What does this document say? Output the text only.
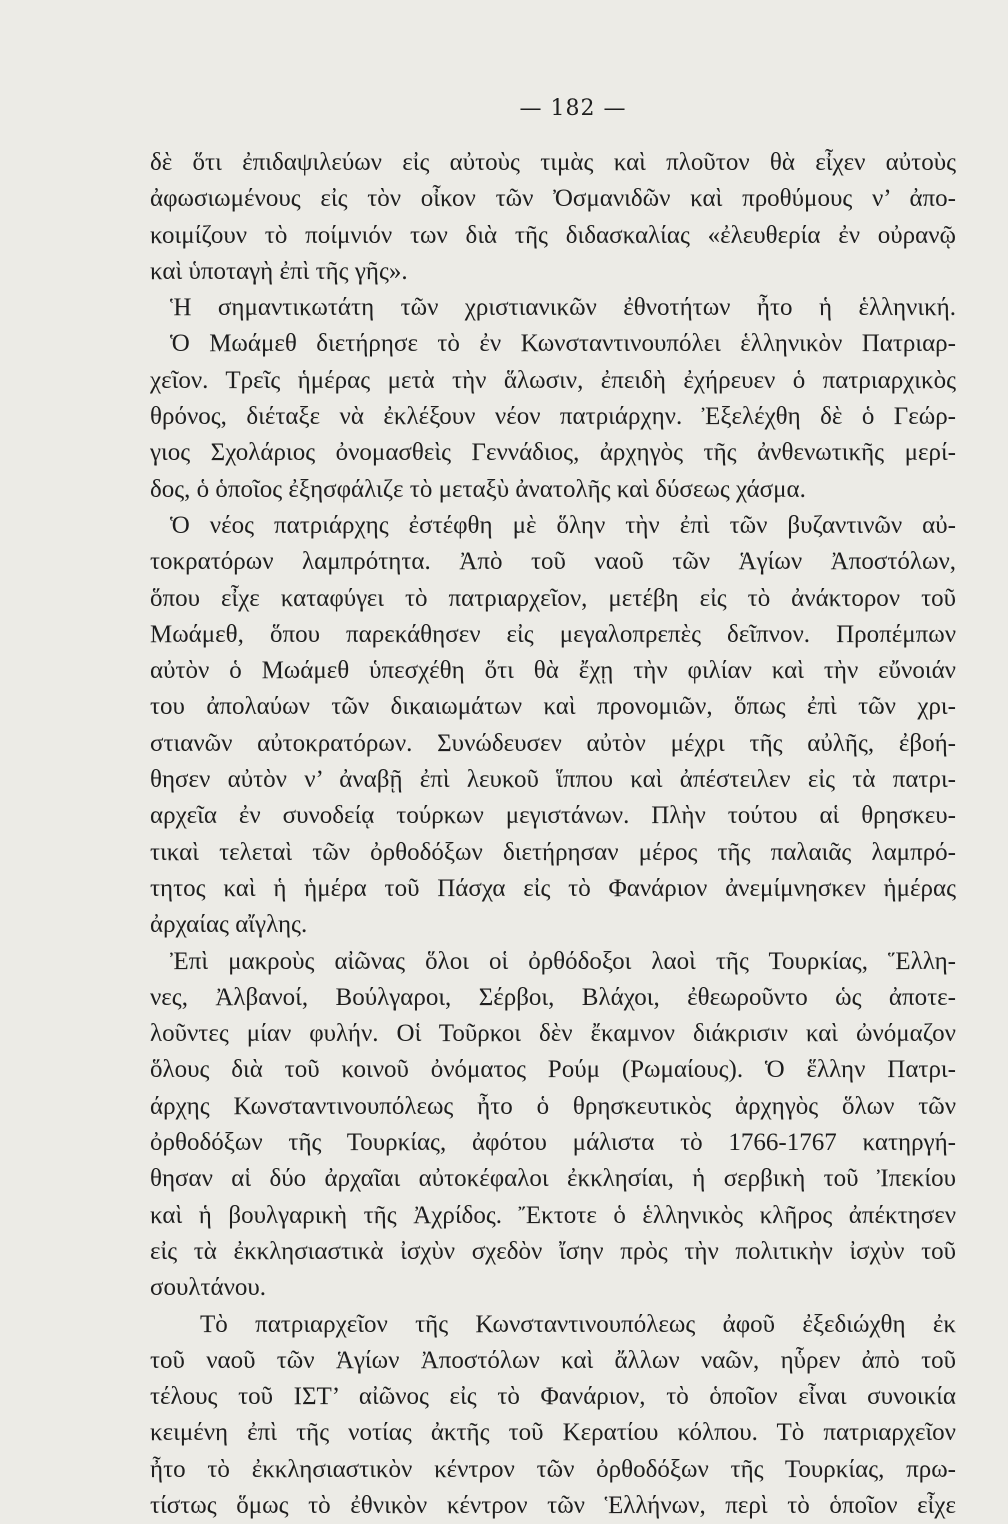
— 182 —
δὲ ὅτι ἐπιδαψιλεύων εἰς αὐτοὺς τιμὰς καὶ πλοῦτον θὰ εἶχεν αὐτοὺς
ἀφωσιωμένους εἰς τὸν οἶκον τῶν Ὀσμανιδῶν καὶ προθύμους ν’ ἀπο-
κοιμίζουν τὸ ποίμνιόν των διὰ τῆς διδασκαλίας «ἐλευθερία ἐν οὐρανῷ
καὶ ὑποταγὴ ἐπὶ τῆς γῆς».
Ἡ σημαντικωτάτη τῶν χριστιανικῶν ἐθνοτήτων ἦτο ἡ ἑλληνική.
Ὁ Μωάμεθ διετήρησε τὸ ἐν Κωνσταντινουπόλει ἑλληνικὸν Πατριαρ-
χεῖον. Τρεῖς ἡμέρας μετὰ τὴν ἅλωσιν, ἐπειδὴ ἐχήρευεν ὁ πατριαρχικὸς
θρόνος, διέταξε νὰ ἐκλέξουν νέον πατριάρχην. Ἐξελέχθη δὲ ὁ Γεώρ-
γιος Σχολάριος ὀνομασθεὶς Γεννάδιος, ἀρχηγὸς τῆς ἀνθενωτικῆς μερί-
δος, ὁ ὁποῖος ἐξησφάλιζε τὸ μεταξὺ ἀνατολῆς καὶ δύσεως χάσμα.
Ὁ νέος πατριάρχης ἐστέφθη μὲ ὅλην τὴν ἐπὶ τῶν βυζαντινῶν αὐ-
τοκρατόρων λαμπρότητα. Ἀπὸ τοῦ ναοῦ τῶν Ἁγίων Ἀποστόλων,
ὅπου εἶχε καταφύγει τὸ πατριαρχεῖον, μετέβη εἰς τὸ ἀνάκτορον τοῦ
Μωάμεθ, ὅπου παρεκάθησεν εἰς μεγαλοπρεπὲς δεῖπνον. Προπέμπων
αὐτὸν ὁ Μωάμεθ ὑπεσχέθη ὅτι θὰ ἔχῃ τὴν φιλίαν καὶ τὴν εὔνοιάν
του ἀπολαύων τῶν δικαιωμάτων καὶ προνομιῶν, ὅπως ἐπὶ τῶν χρι-
στιανῶν αὐτοκρατόρων. Συνώδευσεν αὐτὸν μέχρι τῆς αὐλῆς, ἐβοή-
θησεν αὐτὸν ν’ ἀναβῇ ἐπὶ λευκοῦ ἵππου καὶ ἀπέστειλεν εἰς τὰ πατρι-
αρχεῖα ἐν συνοδείᾳ τούρκων μεγιστάνων. Πλὴν τούτου αἱ θρησκευ-
τικαὶ τελεταὶ τῶν ὀρθοδόξων διετήρησαν μέρος τῆς παλαιᾶς λαμπρό-
τητος καὶ ἡ ἡμέρα τοῦ Πάσχα εἰς τὸ Φανάριον ἀνεμίμνησκεν ἡμέρας
ἀρχαίας αἴγλης.
Ἐπὶ μακροὺς αἰῶνας ὅλοι οἱ ὀρθόδοξοι λαοὶ τῆς Τουρκίας, Ἕλλη-
νες, Ἀλβανοί, Βούλγαροι, Σέρβοι, Βλάχοι, ἐθεωροῦντο ὡς ἀποτε-
λοῦντες μίαν φυλήν. Οἱ Τοῦρκοι δὲν ἔκαμνον διάκρισιν καὶ ὠνόμαζον
ὅλους διὰ τοῦ κοινοῦ ὀνόματος Ρούμ (Ρωμαίους). Ὁ ἕλλην Πατρι-
άρχης Κωνσταντινουπόλεως ἦτο ὁ θρησκευτικὸς ἀρχηγὸς ὅλων τῶν
ὀρθοδόξων τῆς Τουρκίας, ἀφότου μάλιστα τὸ 1766-1767 κατηργή-
θησαν αἱ δύο ἀρχαῖαι αὐτοκέφαλοι ἐκκλησίαι, ἡ σερβικὴ τοῦ Ἰπεκίου
καὶ ἡ βουλγαρικὴ τῆς Ἀχρίδος. Ἔκτοτε ὁ ἑλληνικὸς κλῆρος ἀπέκτησεν
εἰς τὰ ἐκκλησιαστικὰ ἰσχὺν σχεδὸν ἴσην πρὸς τὴν πολιτικὴν ἰσχὺν τοῦ
σουλτάνου.
Τὸ πατριαρχεῖον τῆς Κωνσταντινουπόλεως ἀφοῦ ἐξεδιώχθη ἐκ
τοῦ ναοῦ τῶν Ἁγίων Ἀποστόλων καὶ ἄλλων ναῶν, ηὗρεν ἀπὸ τοῦ
τέλους τοῦ ΙΣΤ’ αἰῶνος εἰς τὸ Φανάριον, τὸ ὁποῖον εἶναι συνοικία
κειμένη ἐπὶ τῆς νοτίας ἀκτῆς τοῦ Κερατίου κόλπου. Τὸ πατριαρχεῖον
ἦτο τὸ ἐκκλησιαστικὸν κέντρον τῶν ὀρθοδόξων τῆς Τουρκίας, πρω-
τίστως ὅμως τὸ ἐθνικὸν κέντρον τῶν Ἑλλήνων, περὶ τὸ ὁποῖον εἶχε
